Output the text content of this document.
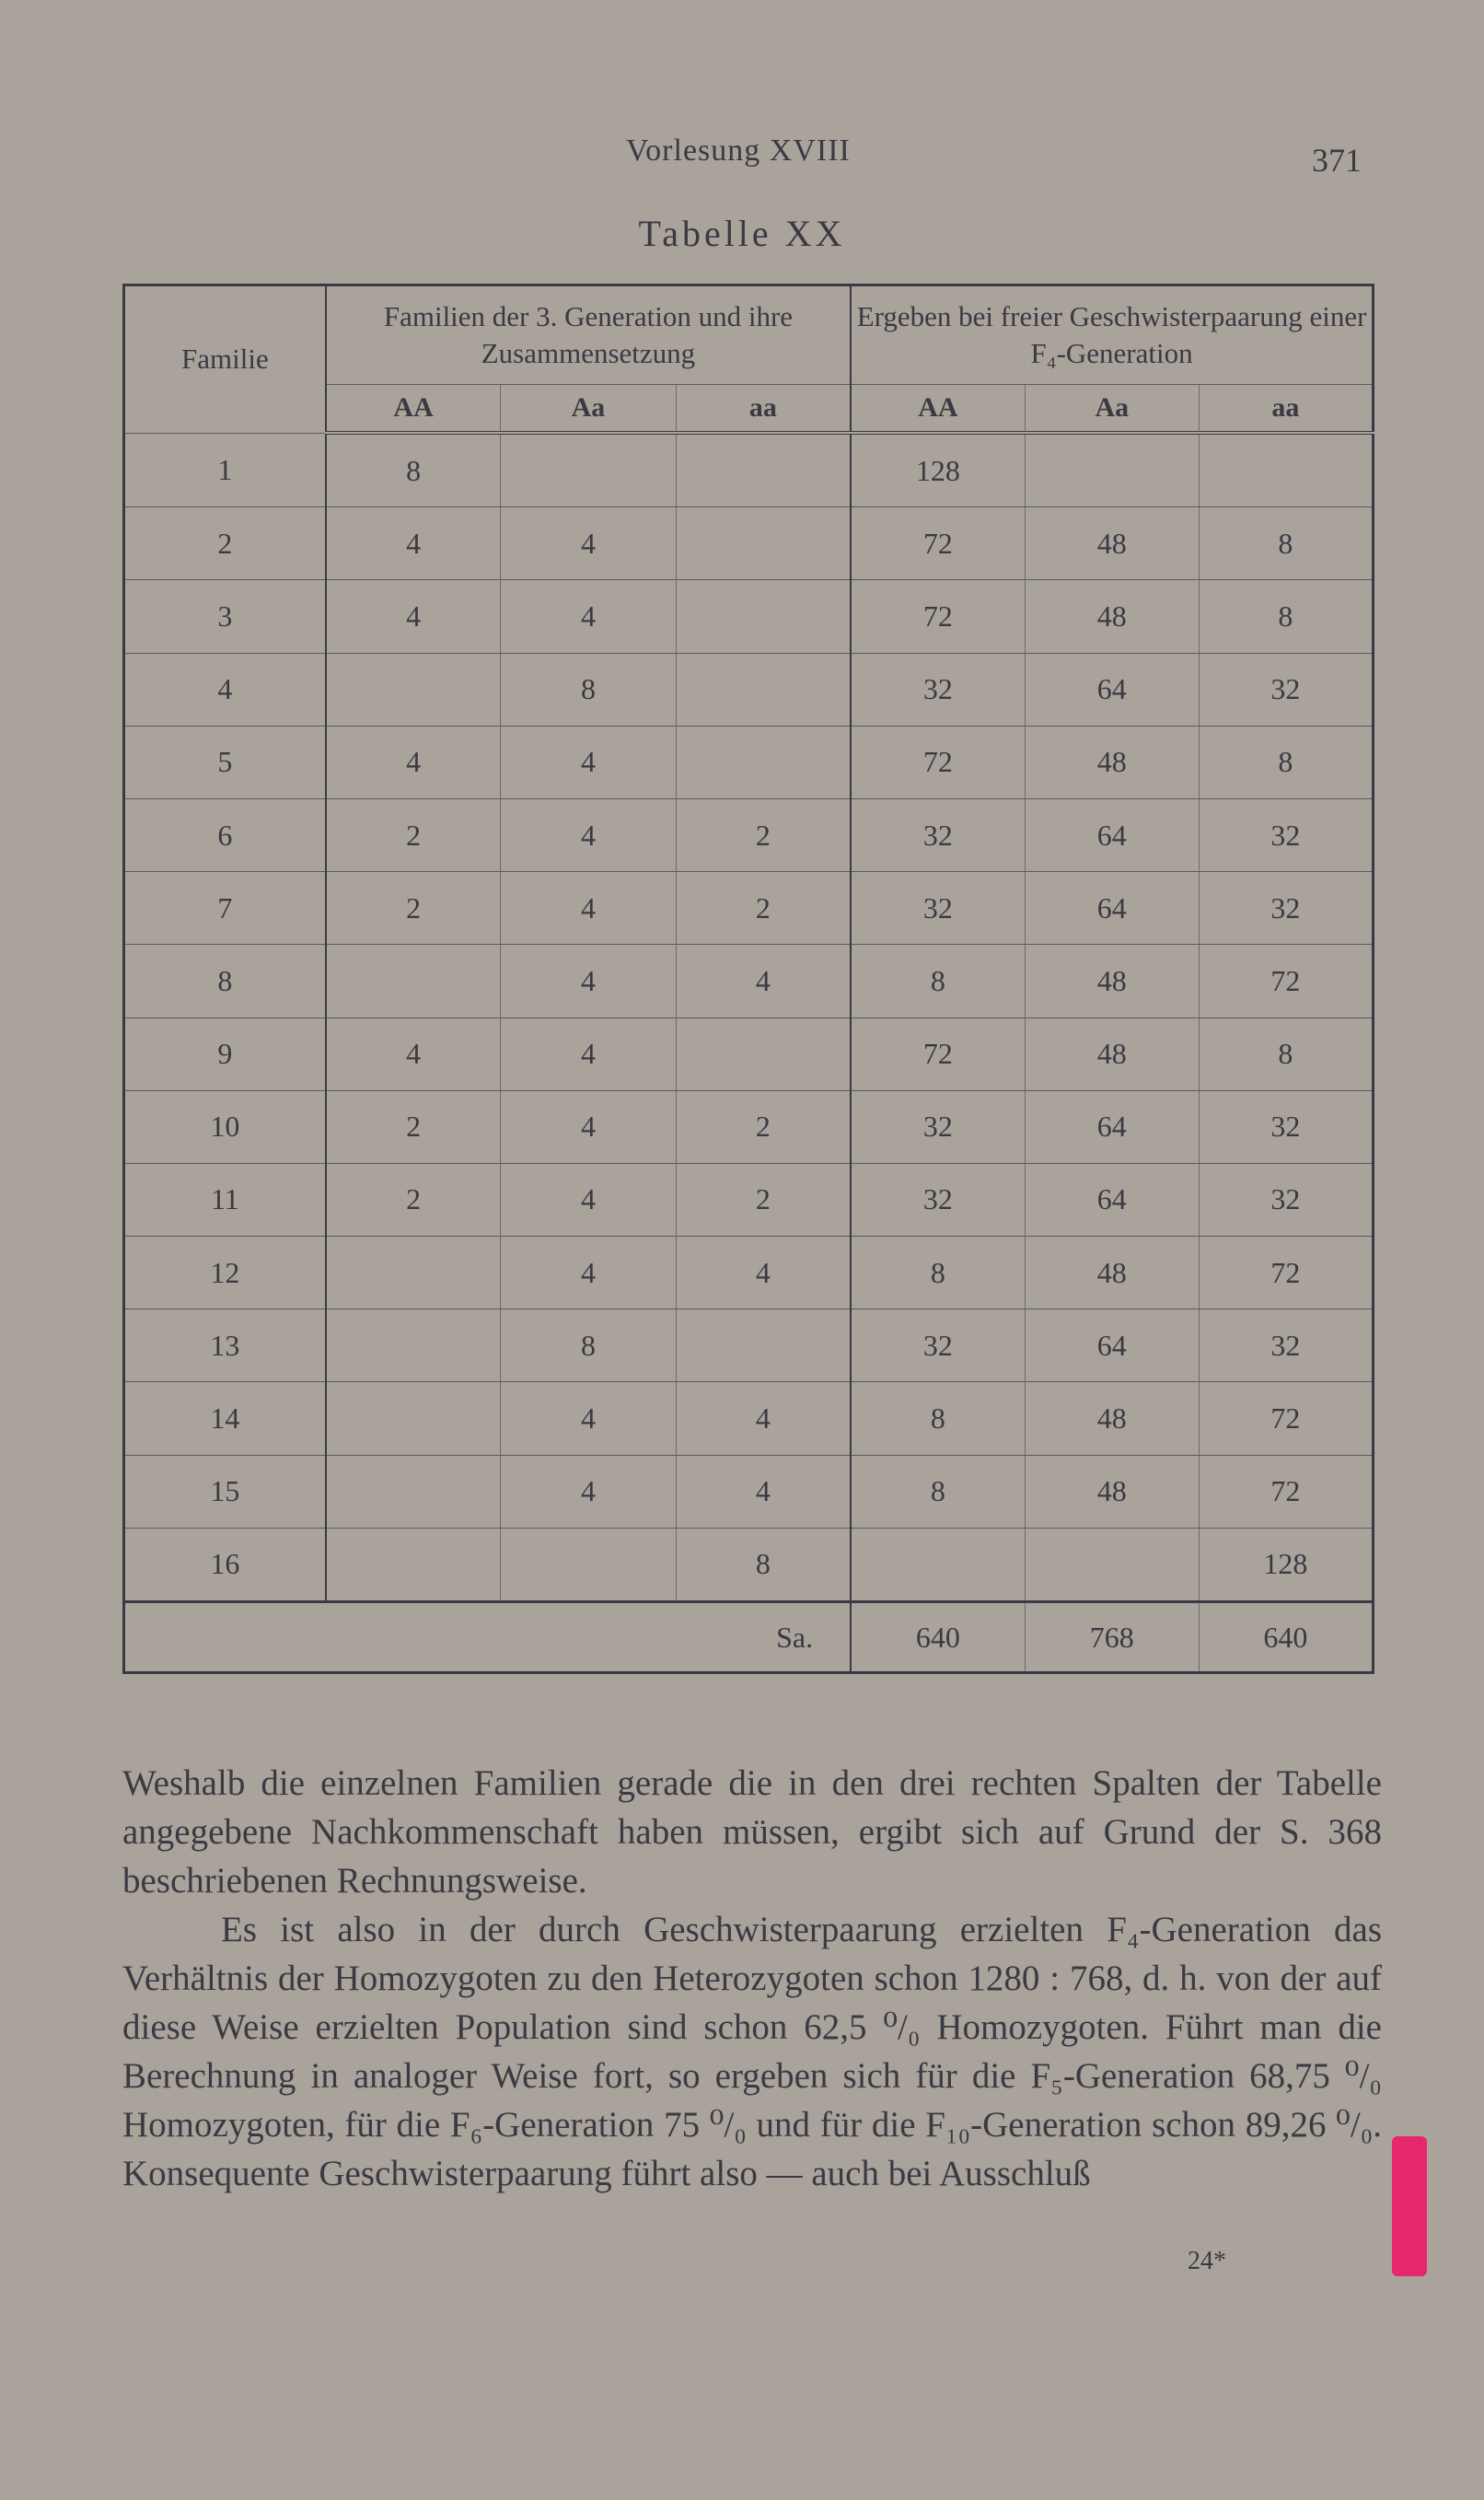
Vorlesung XVIII	371
Tabelle XX
Familie	Familien der 3. Generation und ihre Zusammensetzung			Ergeben bei freier Geschwisterpaarung einer F₄-Generation		
	AA	Aa	aa	AA	Aa	aa
1	8			128		
2	4	4		72	48	8
3	4	4		72	48	8
4		8		32	64	32
5	4	4		72	48	8
6	2	4	2	32	64	32
7	2	4	2	32	64	32
8		4	4	8	48	72
9	4	4		72	48	8
10	2	4	2	32	64	32
11	2	4	2	32	64	32
12		4	4	8	48	72
13		8		32	64	32
14		4	4	8	48	72
15		4	4	8	48	72
16			8			128
Sa.				640	768	640

Weshalb die einzelnen Familien gerade die in den drei rechten Spalten der Tabelle angegebene Nachkommenschaft haben müssen, ergibt sich auf Grund der S. 368 beschriebenen Rechnungsweise.

Es ist also in der durch Geschwisterpaarung erzielten F₄-Generation das Verhältnis der Homozygoten zu den Heterozygoten schon 1280 : 768, d. h. von der auf diese Weise erzielten Population sind schon 62,5 ⁰/₀ Homozygoten. Führt man die Berechnung in analoger Weise fort, so ergeben sich für die F₅-Generation 68,75 ⁰/₀ Homozygoten, für die F₆-Generation 75 ⁰/₀ und für die F₁₀-Generation schon 89,26 ⁰/₀. Konsequente Geschwisterpaarung führt also — auch bei Ausschluß

24*
